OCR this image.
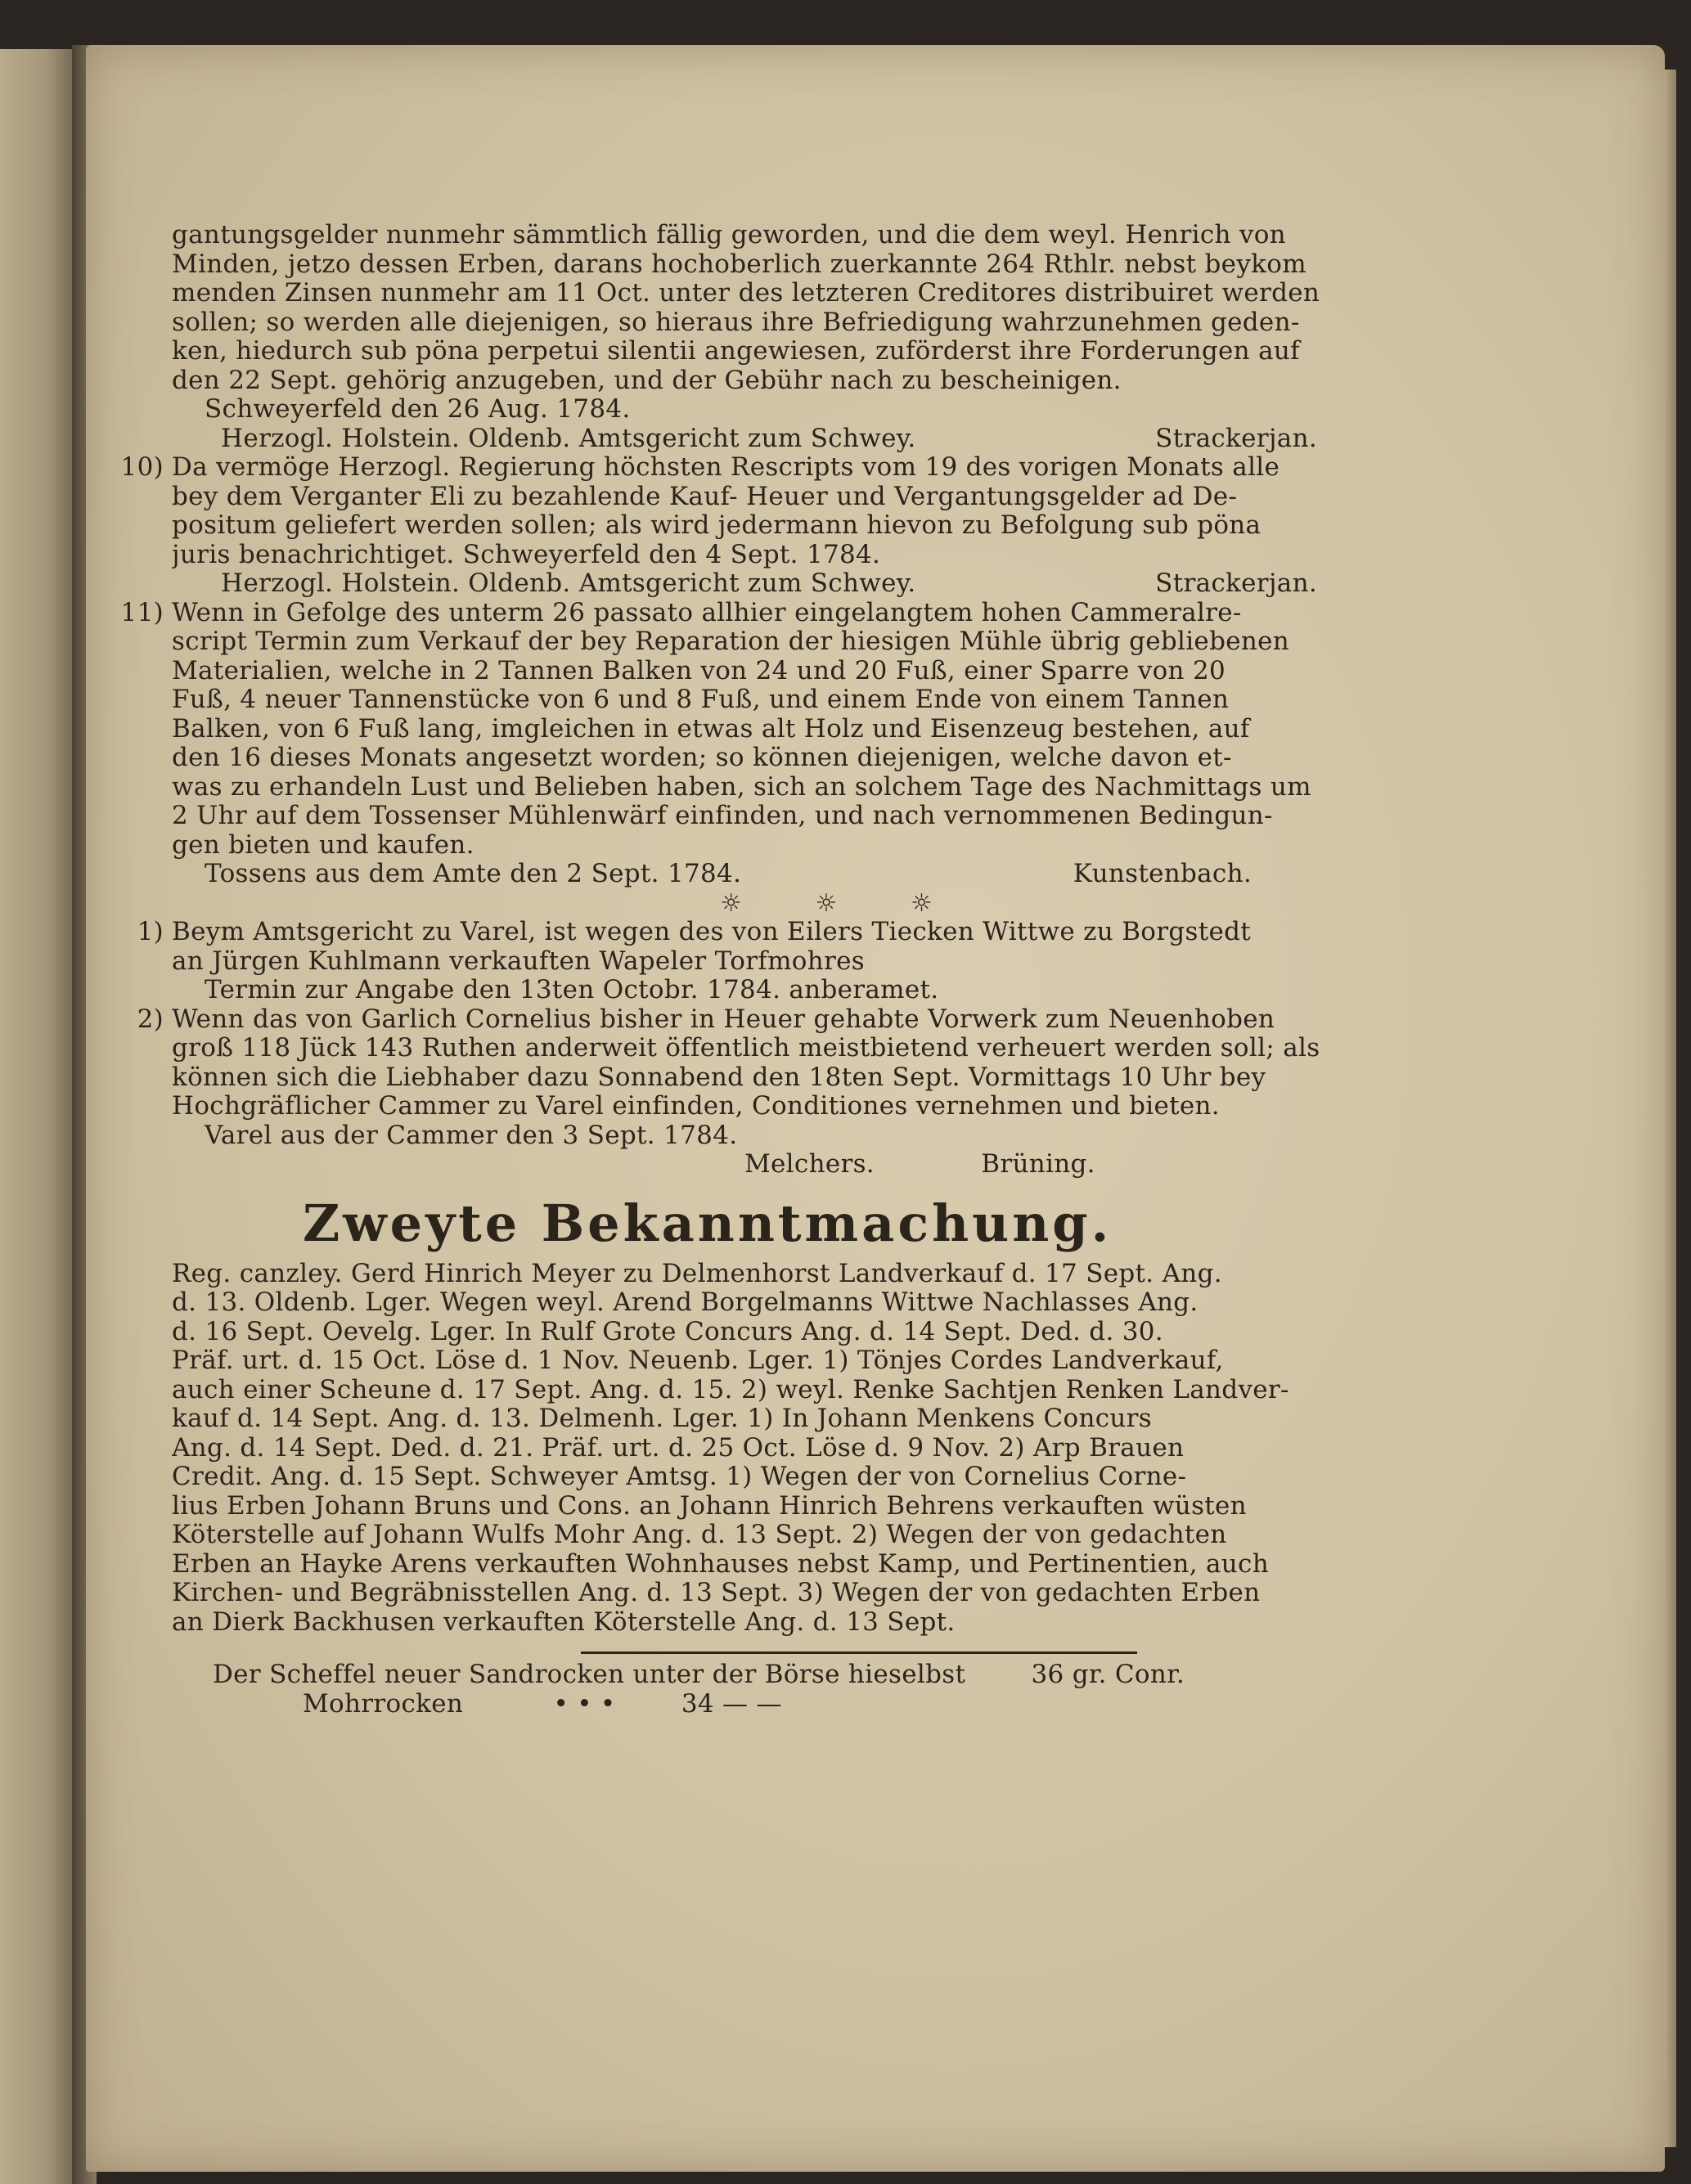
gantungsgelder nunmehr sämmtlich fällig geworden, und die dem weyl. Henrich von
Minden, jetzo dessen Erben, darans hochoberlich zuerkannte 264 Rthlr. nebst beykom
menden Zinsen nunmehr am 11 Oct. unter des letzteren Creditores distribuiret werden
sollen; so werden alle diejenigen, so hieraus ihre Befriedigung wahrzunehmen geden-
ken, hiedurch sub pöna perpetui silentii angewiesen, zuförderst ihre Forderungen auf
den 22 Sept. gehörig anzugeben, und der Gebühr nach zu bescheinigen.
Schweyerfeld den 26 Aug. 1784.
Herzogl. Holstein. Oldenb. Amtsgericht zum Schwey.	Strackerjan.
10) Da vermöge Herzogl. Regierung höchsten Rescripts vom 19 des vorigen Monats alle
bey dem Verganter Eli zu bezahlende Kauf- Heuer und Vergantungsgelder ad De-
positum geliefert werden sollen; als wird jedermann hievon zu Befolgung sub pöna
juris benachrichtiget. Schweyerfeld den 4 Sept. 1784.
Herzogl. Holstein. Oldenb. Amtsgericht zum Schwey.	Strackerjan.
11) Wenn in Gefolge des unterm 26 passato allhier eingelangtem hohen Cammeralre-
script Termin zum Verkauf der bey Reparation der hiesigen Mühle übrig gebliebenen
Materialien, welche in 2 Tannen Balken von 24 und 20 Fuß, einer Sparre von 20
Fuß, 4 neuer Tannenstücke von 6 und 8 Fuß, und einem Ende von einem Tannen
Balken, von 6 Fuß lang, imgleichen in etwas alt Holz und Eisenzeug bestehen, auf
den 16 dieses Monats angesetzt worden; so können diejenigen, welche davon et-
was zu erhandeln Lust und Belieben haben, sich an solchem Tage des Nachmittags um
2 Uhr auf dem Tossenser Mühlenwärf einfinden, und nach vernommenen Bedingun-
gen bieten und kaufen.
Tossens aus dem Amte den 2 Sept. 1784.	Kunstenbach.
☼ ☼ ☼
1) Beym Amtsgericht zu Varel, ist wegen des von Eilers Tiecken Wittwe zu Borgstedt
an Jürgen Kuhlmann verkauften Wapeler Torfmohres
Termin zur Angabe den 13ten Octobr. 1784. anberamet.
2) Wenn das von Garlich Cornelius bisher in Heuer gehabte Vorwerk zum Neuenhoben
groß 118 Jück 143 Ruthen anderweit öffentlich meistbietend verheuert werden soll; als
können sich die Liebhaber dazu Sonnabend den 18ten Sept. Vormittags 10 Uhr bey
Hochgräflicher Cammer zu Varel einfinden, Conditiones vernehmen und bieten.
Varel aus der Cammer den 3 Sept. 1784.
Melchers.	Brüning.
Zweyte Bekanntmachung.
Reg. canzley. Gerd Hinrich Meyer zu Delmenhorst Landverkauf d. 17 Sept. Ang.
d. 13. Oldenb. Lger. Wegen weyl. Arend Borgelmanns Wittwe Nachlasses Ang.
d. 16 Sept. Oevelg. Lger. In Rulf Grote Concurs Ang. d. 14 Sept. Ded. d. 30.
Präf. urt. d. 15 Oct. Löse d. 1 Nov. Neuenb. Lger. 1) Tönjes Cordes Landverkauf,
auch einer Scheune d. 17 Sept. Ang. d. 15. 2) weyl. Renke Sachtjen Renken Landver-
kauf d. 14 Sept. Ang. d. 13. Delmenh. Lger. 1) In Johann Menkens Concurs
Ang. d. 14 Sept. Ded. d. 21. Präf. urt. d. 25 Oct. Löse d. 9 Nov. 2) Arp Brauen
Credit. Ang. d. 15 Sept. Schweyer Amtsg. 1) Wegen der von Cornelius Corne-
lius Erben Johann Bruns und Cons. an Johann Hinrich Behrens verkauften wüsten
Köterstelle auf Johann Wulfs Mohr Ang. d. 13 Sept. 2) Wegen der von gedachten
Erben an Hayke Arens verkauften Wohnhauses nebst Kamp, und Pertinentien, auch
Kirchen- und Begräbnisstellen Ang. d. 13 Sept. 3) Wegen der von gedachten Erben
an Dierk Backhusen verkauften Köterstelle Ang. d. 13 Sept.
Der Scheffel neuer Sandrocken unter der Börse hieselbst	36 gr. Conr.
Mohrrocken	• • •	34 — —
